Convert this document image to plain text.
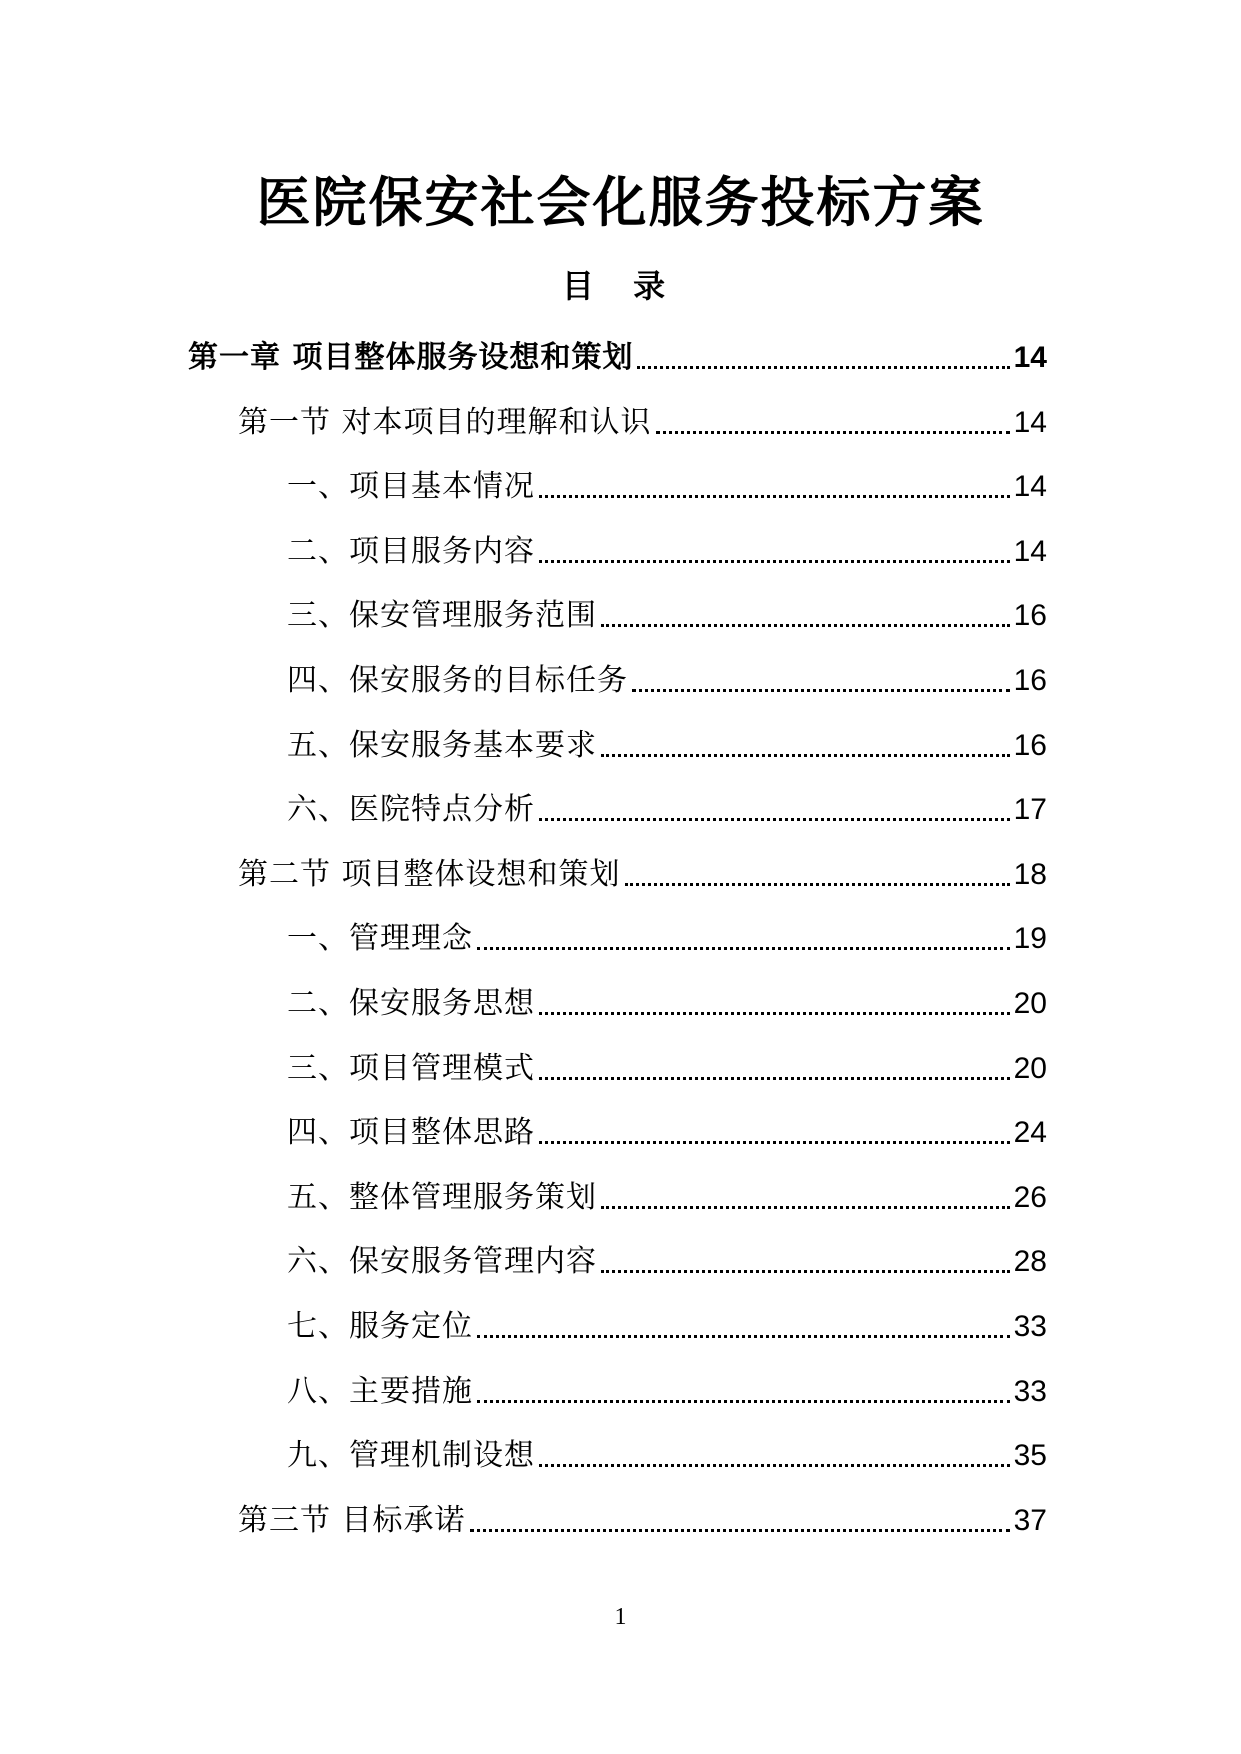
医院保安社会化服务投标方案
目 录
第一章 项目整体服务设想和策划	14
第一节 对本项目的理解和认识	14
一、项目基本情况	14
二、项目服务内容	14
三、保安管理服务范围	16
四、保安服务的目标任务	16
五、保安服务基本要求	16
六、医院特点分析	17
第二节 项目整体设想和策划	18
一、管理理念	19
二、保安服务思想	20
三、项目管理模式	20
四、项目整体思路	24
五、整体管理服务策划	26
六、保安服务管理内容	28
七、服务定位	33
八、主要措施	33
九、管理机制设想	35
第三节 目标承诺	37
1
